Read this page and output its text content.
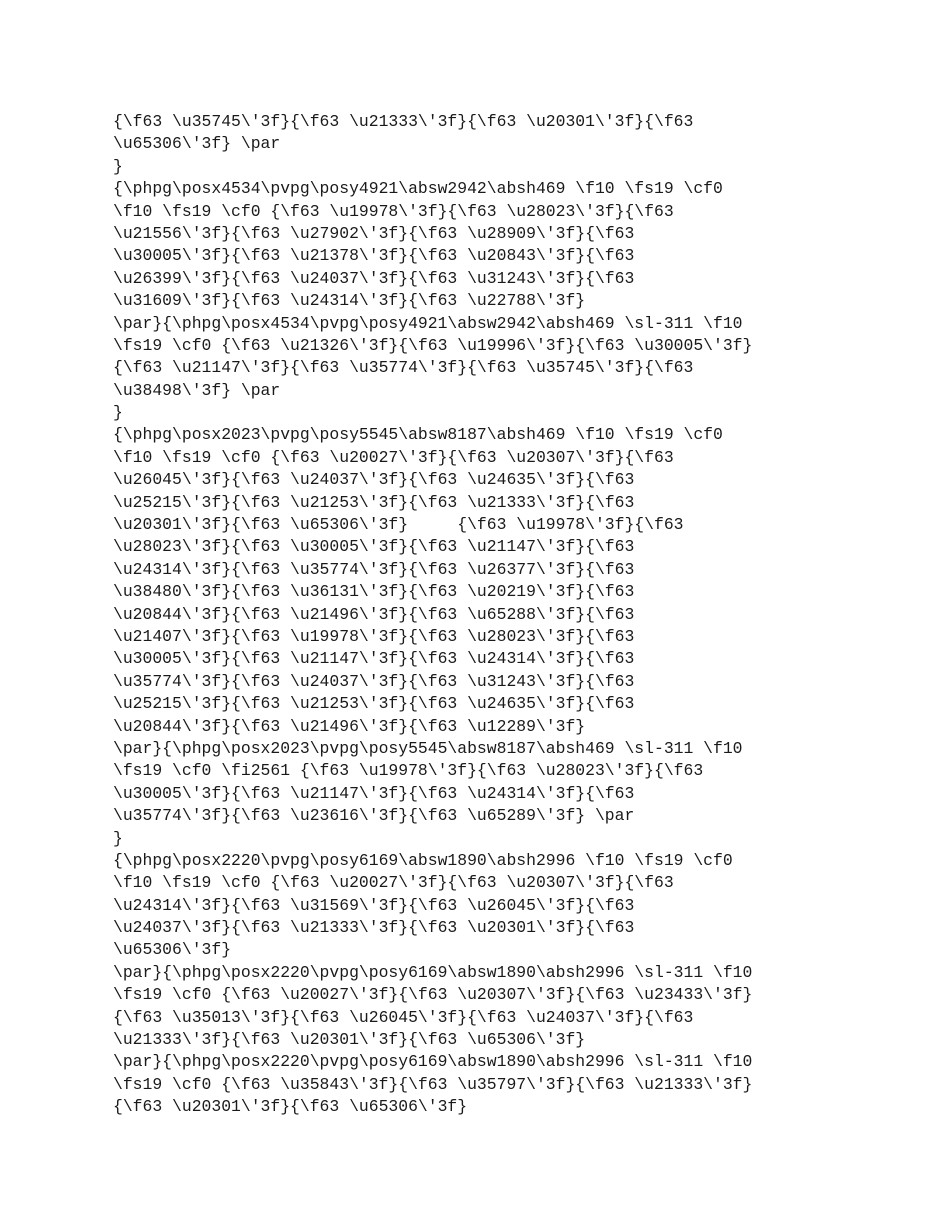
{\f63 \u35745\'3f}{\f63 \u21333\'3f}{\f63 \u20301\'3f}{\f63
\u65306\'3f} \par
}
{\phpg\posx4534\pvpg\posy4921\absw2942\absh469 \f10 \fs19 \cf0
\f10 \fs19 \cf0 {\f63 \u19978\'3f}{\f63 \u28023\'3f}{\f63
\u21556\'3f}{\f63 \u27902\'3f}{\f63 \u28909\'3f}{\f63
\u30005\'3f}{\f63 \u21378\'3f}{\f63 \u20843\'3f}{\f63
\u26399\'3f}{\f63 \u24037\'3f}{\f63 \u31243\'3f}{\f63
\u31609\'3f}{\f63 \u24314\'3f}{\f63 \u22788\'3f}
\par}{\phpg\posx4534\pvpg\posy4921\absw2942\absh469 \sl-311 \f10
\fs19 \cf0 {\f63 \u21326\'3f}{\f63 \u19996\'3f}{\f63 \u30005\'3f}
{\f63 \u21147\'3f}{\f63 \u35774\'3f}{\f63 \u35745\'3f}{\f63
\u38498\'3f} \par
}
{\phpg\posx2023\pvpg\posy5545\absw8187\absh469 \f10 \fs19 \cf0
\f10 \fs19 \cf0 {\f63 \u20027\'3f}{\f63 \u20307\'3f}{\f63
\u26045\'3f}{\f63 \u24037\'3f}{\f63 \u24635\'3f}{\f63
\u25215\'3f}{\f63 \u21253\'3f}{\f63 \u21333\'3f}{\f63
\u20301\'3f}{\f63 \u65306\'3f}     {\f63 \u19978\'3f}{\f63
\u28023\'3f}{\f63 \u30005\'3f}{\f63 \u21147\'3f}{\f63
\u24314\'3f}{\f63 \u35774\'3f}{\f63 \u26377\'3f}{\f63
\u38480\'3f}{\f63 \u36131\'3f}{\f63 \u20219\'3f}{\f63
\u20844\'3f}{\f63 \u21496\'3f}{\f63 \u65288\'3f}{\f63
\u21407\'3f}{\f63 \u19978\'3f}{\f63 \u28023\'3f}{\f63
\u30005\'3f}{\f63 \u21147\'3f}{\f63 \u24314\'3f}{\f63
\u35774\'3f}{\f63 \u24037\'3f}{\f63 \u31243\'3f}{\f63
\u25215\'3f}{\f63 \u21253\'3f}{\f63 \u24635\'3f}{\f63
\u20844\'3f}{\f63 \u21496\'3f}{\f63 \u12289\'3f}
\par}{\phpg\posx2023\pvpg\posy5545\absw8187\absh469 \sl-311 \f10
\fs19 \cf0 \fi2561 {\f63 \u19978\'3f}{\f63 \u28023\'3f}{\f63
\u30005\'3f}{\f63 \u21147\'3f}{\f63 \u24314\'3f}{\f63
\u35774\'3f}{\f63 \u23616\'3f}{\f63 \u65289\'3f} \par
}
{\phpg\posx2220\pvpg\posy6169\absw1890\absh2996 \f10 \fs19 \cf0
\f10 \fs19 \cf0 {\f63 \u20027\'3f}{\f63 \u20307\'3f}{\f63
\u24314\'3f}{\f63 \u31569\'3f}{\f63 \u26045\'3f}{\f63
\u24037\'3f}{\f63 \u21333\'3f}{\f63 \u20301\'3f}{\f63
\u65306\'3f}
\par}{\phpg\posx2220\pvpg\posy6169\absw1890\absh2996 \sl-311 \f10
\fs19 \cf0 {\f63 \u20027\'3f}{\f63 \u20307\'3f}{\f63 \u23433\'3f}
{\f63 \u35013\'3f}{\f63 \u26045\'3f}{\f63 \u24037\'3f}{\f63
\u21333\'3f}{\f63 \u20301\'3f}{\f63 \u65306\'3f}
\par}{\phpg\posx2220\pvpg\posy6169\absw1890\absh2996 \sl-311 \f10
\fs19 \cf0 {\f63 \u35843\'3f}{\f63 \u35797\'3f}{\f63 \u21333\'3f}
{\f63 \u20301\'3f}{\f63 \u65306\'3f}
